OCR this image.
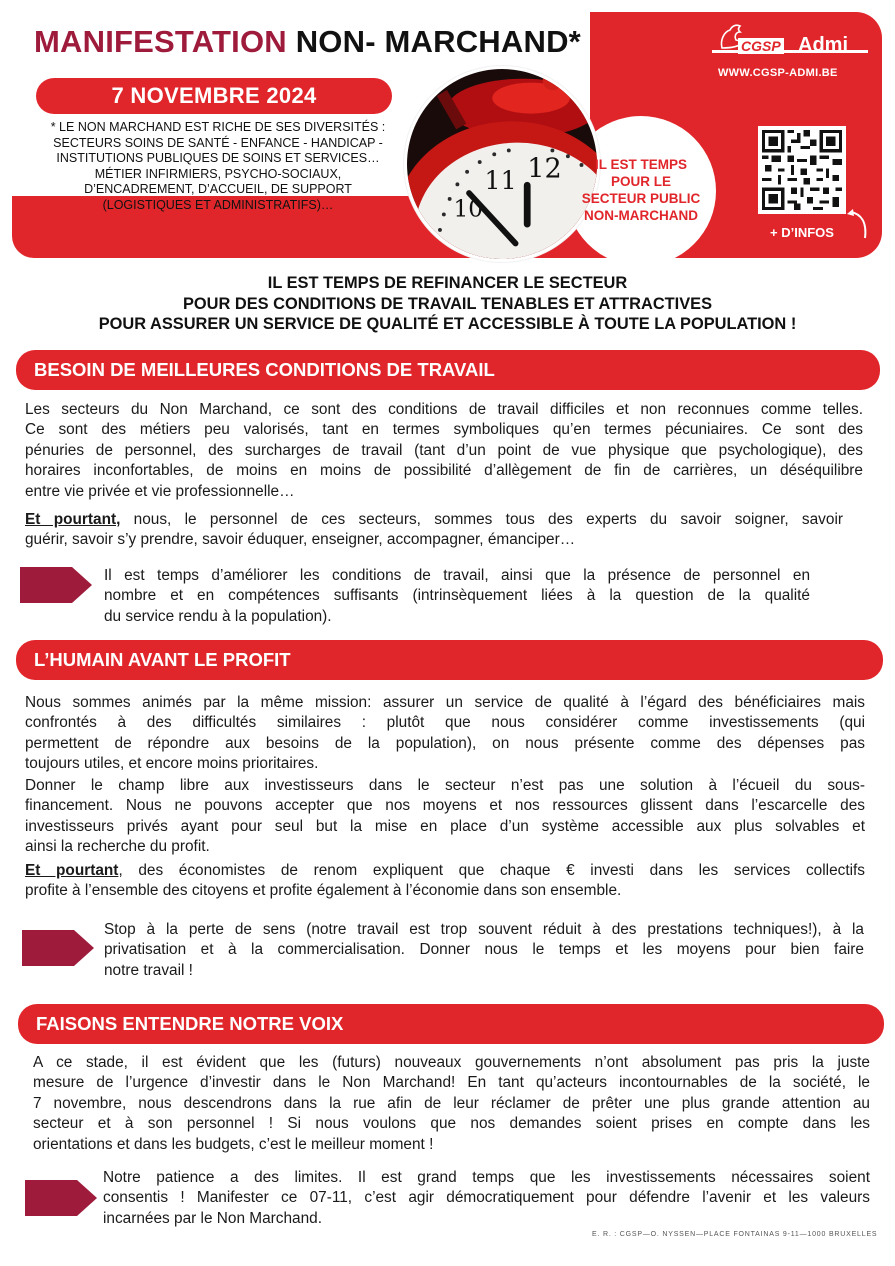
MANIFESTATION NON- MARCHAND*
7 NOVEMBRE 2024
* LE NON MARCHAND EST RICHE DE SES DIVERSITÉS :
SECTEURS SOINS DE SANTÉ - ENFANCE - HANDICAP -
INSTITUTIONS PUBLIQUES DE SOINS ET SERVICES…
MÉTIER INFIRMIERS, PSYCHO-SOCIAUX,
D’ENCADREMENT, D’ACCUEIL, DE SUPPORT
(LOGISTIQUES ET ADMINISTRATIFS)…
12
11
10
IL EST TEMPS
POUR LE
SECTEUR PUBLIC
NON-MARCHAND
CGSP Admi
WWW.CGSP-ADMI.BE
+ D’INFOS
IL EST TEMPS DE REFINANCER LE SECTEUR
POUR DES CONDITIONS DE TRAVAIL TENABLES ET ATTRACTIVES
POUR ASSURER UN SERVICE DE QUALITÉ ET ACCESSIBLE À TOUTE LA POPULATION !
BESOIN DE MEILLEURES CONDITIONS DE TRAVAIL
Les secteurs du Non Marchand, ce sont des conditions de travail difficiles et non reconnues comme telles.
Ce sont des métiers peu valorisés, tant en termes symboliques qu’en termes pécuniaires. Ce sont des
pénuries de personnel, des surcharges de travail (tant d’un point de vue physique que psychologique), des
horaires inconfortables, de moins en moins de possibilité d’allègement de fin de carrières, un déséquilibre
entre vie privée et vie professionnelle…
Et pourtant, nous, le personnel de ces secteurs, sommes tous des experts du savoir soigner, savoir
guérir, savoir s’y prendre, savoir éduquer, enseigner, accompagner, émanciper…
Il est temps d’améliorer les conditions de travail, ainsi que la présence de personnel en
nombre et en compétences suffisants (intrinsèquement liées à la question de la qualité
du service rendu à la population).
L’HUMAIN AVANT LE PROFIT
Nous sommes animés par la même mission: assurer un service de qualité à l’égard des bénéficiaires mais
confrontés à des difficultés similaires : plutôt que nous considérer comme investissements (qui
permettent de répondre aux besoins de la population), on nous présente comme des dépenses pas
toujours utiles, et encore moins prioritaires.
Donner le champ libre aux investisseurs dans le secteur n’est pas une solution à l’écueil du sous-
financement. Nous ne pouvons accepter que nos moyens et nos ressources glissent dans l’escarcelle des
investisseurs privés ayant pour seul but la mise en place d’un système accessible aux plus solvables et
ainsi la recherche du profit.
Et pourtant, des économistes de renom expliquent que chaque € investi dans les services collectifs
profite à l’ensemble des citoyens et profite également à l’économie dans son ensemble.
Stop à la perte de sens (notre travail est trop souvent réduit à des prestations techniques!), à la
privatisation et à la commercialisation. Donner nous le temps et les moyens pour bien faire
notre travail !
FAISONS ENTENDRE NOTRE VOIX
A ce stade, il est évident que les (futurs) nouveaux gouvernements n’ont absolument pas pris la juste
mesure de l’urgence d’investir dans le Non Marchand! En tant qu’acteurs incontournables de la société, le
7 novembre, nous descendrons dans la rue afin de leur réclamer de prêter une plus grande attention au
secteur et à son personnel ! Si nous voulons que nos demandes soient prises en compte dans les
orientations et dans les budgets, c’est le meilleur moment !
Notre patience a des limites. Il est grand temps que les investissements nécessaires soient
consentis ! Manifester ce 07-11, c’est agir démocratiquement pour défendre l’avenir et les valeurs
incarnées par le Non Marchand.
E. R. : CGSP—O. NYSSEN—PLACE FONTAINAS 9-11—1000 BRUXELLES
